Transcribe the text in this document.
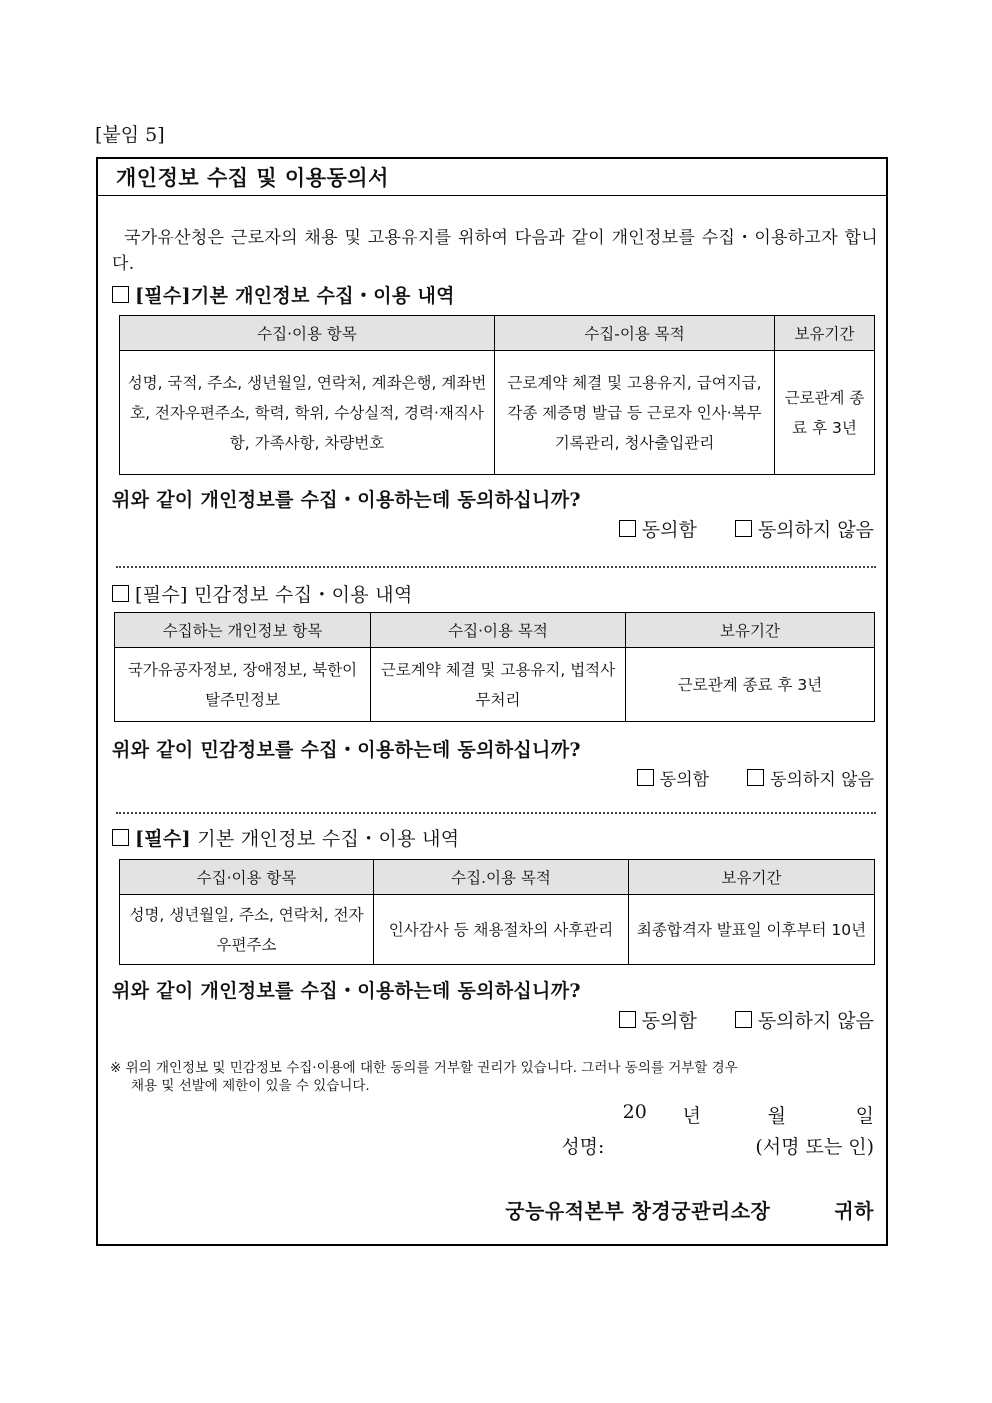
[붙임 5]
개인정보 수집 및 이용동의서
국가유산청은 근로자의 채용 및 고용유지를 위하여 다음과 같이 개인정보를 수집・이용하고자 합니다.
[필수]기본 개인정보 수집・이용 내역
수집·이용 항목	수집-이용 목적	보유기간
성명, 국적, 주소, 생년월일, 연락처, 계좌은행, 계좌번호, 전자우편주소, 학력, 학위, 수상실적, 경력·재직사항, 가족사항, 차량번호	근로계약 체결 및 고용유지, 급여지급, 각종 제증명 발급 등 근로자 인사·복무 기록관리, 청사출입관리	근로관계 종료 후 3년
위와 같이 개인정보를 수집・이용하는데 동의하십니까?
동의함	동의하지 않음
[필수] 민감정보 수집・이용 내역
수집하는 개인정보 항목	수집·이용 목적	보유기간
국가유공자정보, 장애정보, 북한이탈주민정보	근로계약 체결 및 고용유지, 법적사무처리	근로관계 종료 후 3년
위와 같이 민감정보를 수집・이용하는데 동의하십니까?
동의함	동의하지 않음
[필수] 기본 개인정보 수집・이용 내역
수집·이용 항목	수집.이용 목적	보유기간
성명, 생년월일, 주소, 연락처, 전자우편주소	인사감사 등 채용절차의 사후관리	최종합격자 발표일 이후부터 10년
위와 같이 개인정보를 수집・이용하는데 동의하십니까?
동의함	동의하지 않음
※ 위의 개인정보 및 민감정보 수집·이용에 대한 동의를 거부할 권리가 있습니다. 그러나 동의를 거부할 경우
채용 및 선발에 제한이 있을 수 있습니다.
20	년	월	일
성명:	(서명 또는 인)
궁능유적본부 창경궁관리소장	귀하
